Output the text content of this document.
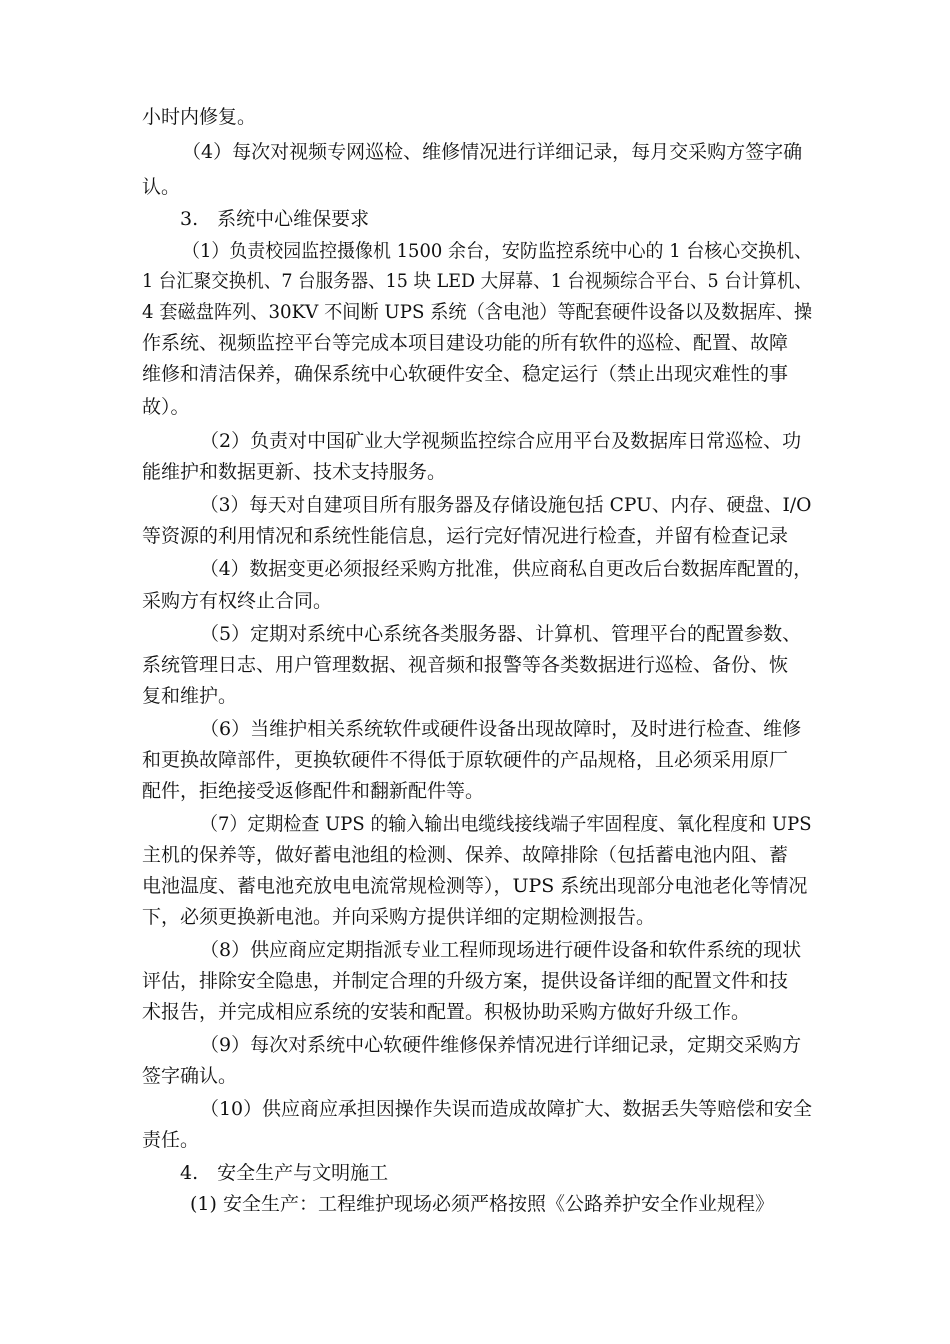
小时内修复。
（4）每次对视频专网巡检、维修情况进行详细记录，每月交采购方签字确
认。
3.　系统中心维保要求
（1）负责校园监控摄像机 1500 余台，安防监控系统中心的 1 台核心交换机、
1 台汇聚交换机、7 台服务器、15 块 LED 大屏幕、1 台视频综合平台、5 台计算机、
4 套磁盘阵列、30KV 不间断 UPS 系统（含电池）等配套硬件设备以及数据库、操
作系统、视频监控平台等完成本项目建设功能的所有软件的巡检、配置、故障
维修和清洁保养，确保系统中心软硬件安全、稳定运行（禁止出现灾难性的事
故）。
（2）负责对中国矿业大学视频监控综合应用平台及数据库日常巡检、功
能维护和数据更新、技术支持服务。
（3）每天对自建项目所有服务器及存储设施包括 CPU、内存、硬盘、I/O
等资源的利用情况和系统性能信息，运行完好情况进行检查，并留有检查记录
（4）数据变更必须报经采购方批准，供应商私自更改后台数据库配置的，
采购方有权终止合同。
（5）定期对系统中心系统各类服务器、计算机、管理平台的配置参数、
系统管理日志、用户管理数据、视音频和报警等各类数据进行巡检、备份、恢
复和维护。
（6）当维护相关系统软件或硬件设备出现故障时，及时进行检查、维修
和更换故障部件，更换软硬件不得低于原软硬件的产品规格，且必须采用原厂
配件，拒绝接受返修配件和翻新配件等。
（7）定期检查 UPS 的输入输出电缆线接线端子牢固程度、氧化程度和 UPS
主机的保养等，做好蓄电池组的检测、保养、故障排除（包括蓄电池内阻、蓄
电池温度、蓄电池充放电电流常规检测等），UPS 系统出现部分电池老化等情况
下，必须更换新电池。并向采购方提供详细的定期检测报告。
（8）供应商应定期指派专业工程师现场进行硬件设备和软件系统的现状
评估，排除安全隐患，并制定合理的升级方案，提供设备详细的配置文件和技
术报告，并完成相应系统的安装和配置。积极协助采购方做好升级工作。
（9）每次对系统中心软硬件维修保养情况进行详细记录，定期交采购方
签字确认。
（10）供应商应承担因操作失误而造成故障扩大、数据丢失等赔偿和安全
责任。
4.　安全生产与文明施工
(1) 安全生产：工程维护现场必须严格按照《公路养护安全作业规程》
